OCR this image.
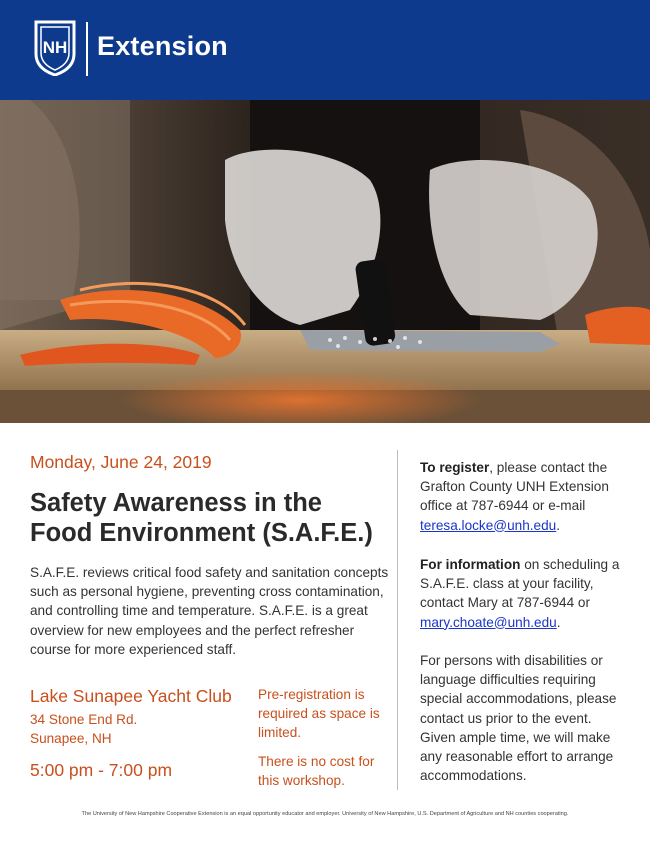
NH Extension
Monday, June 24, 2019
Safety Awareness in the
Food Environment (S.A.F.E.)

S.A.F.E. reviews critical food safety and sanitation concepts such as personal hygiene, preventing cross contamination, and controlling time and temperature. S.A.F.E. is a great overview for new employees and the perfect refresher course for more experienced staff.

Lake Sunapee Yacht Club
34 Stone End Rd.
Sunapee, NH
5:00 pm - 7:00 pm

Pre-registration is required as space is limited.

There is no cost for this workshop.

To register, please contact the Grafton County UNH Extension office at 787-6944 or e-mail teresa.locke@unh.edu.

For information on scheduling a S.A.F.E. class at your facility, contact Mary at 787-6944 or mary.choate@unh.edu.

For persons with disabilities or language difficulties requiring special accommodations, please contact us prior to the event. Given ample time, we will make any reasonable effort to arrange accommodations.

The University of New Hampshire Cooperative Extension is an equal opportunity educator and employer. University of New Hampshire, U.S. Department of Agriculture and NH counties cooperating.
